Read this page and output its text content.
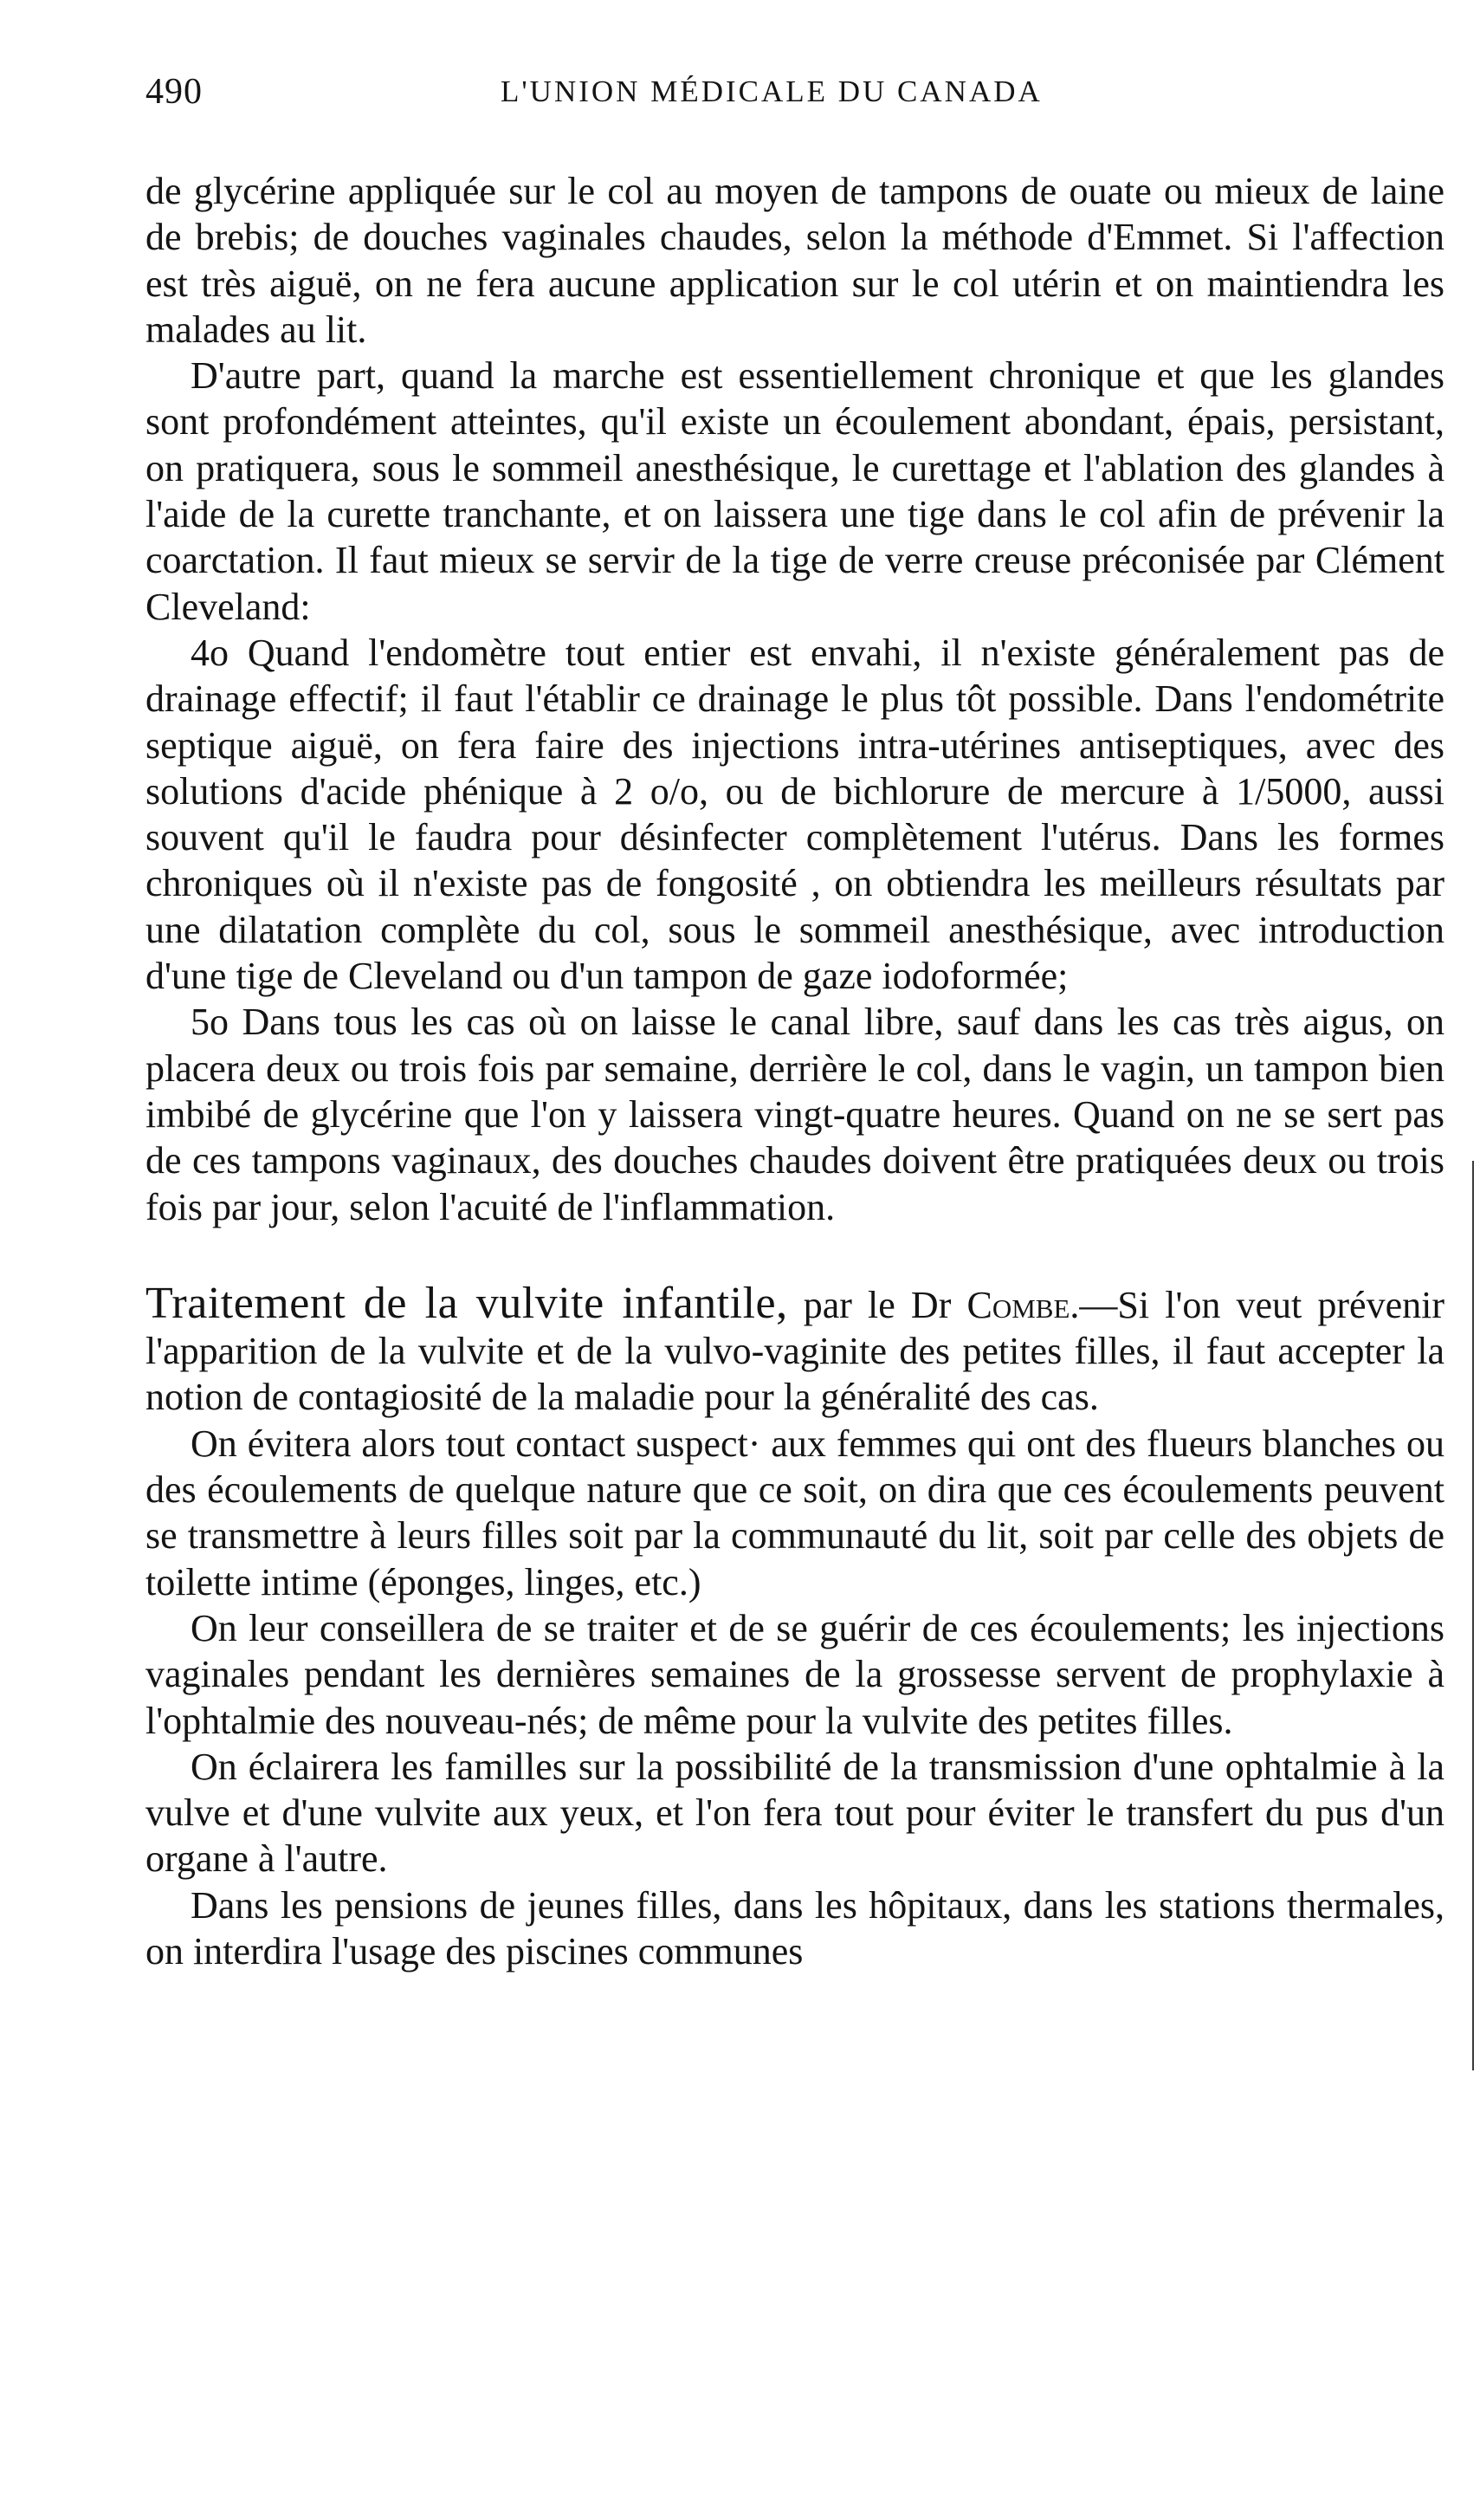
490	L'UNION MÉDICALE DU CANADA

de glycérine appliquée sur le col au moyen de tampons de ouate ou mieux de laine de brebis; de douches vaginales chaudes, selon la méthode d'Emmet. Si l'affection est très aiguë, on ne fera aucune application sur le col utérin et on maintiendra les malades au lit.

D'autre part, quand la marche est essentiellement chronique et que les glandes sont profondément atteintes, qu'il existe un écoulement abondant, épais, persistant, on pratiquera, sous le sommeil anesthésique, le curettage et l'ablation des glandes à l'aide de la curette tranchante, et on laissera une tige dans le col afin de prévenir la coarctation. Il faut mieux se servir de la tige de verre creuse préconisée par Clément Cleveland:

4o Quand l'endomètre tout entier est envahi, il n'existe généralement pas de drainage effectif; il faut l'établir ce drainage le plus tôt possible. Dans l'endométrite septique aiguë, on fera faire des injections intra-utérines antiseptiques, avec des solutions d'acide phénique à 2 o/o, ou de bichlorure de mercure à 1/5000, aussi souvent qu'il le faudra pour désinfecter complètement l'utérus. Dans les formes chroniques où il n'existe pas de fongosité , on obtiendra les meilleurs résultats par une dilatation complète du col, sous le sommeil anesthésique, avec introduction d'une tige de Cleveland ou d'un tampon de gaze iodoformée;

5o Dans tous les cas où on laisse le canal libre, sauf dans les cas très aigus, on placera deux ou trois fois par semaine, derrière le col, dans le vagin, un tampon bien imbibé de glycérine que l'on y laissera vingt-quatre heures. Quand on ne se sert pas de ces tampons vaginaux, des douches chaudes doivent être pratiquées deux ou trois fois par jour, selon l'acuité de l'inflammation.

Traitement de la vulvite infantile, par le Dr Combe.—Si l'on veut prévenir l'apparition de la vulvite et de la vulvo-vaginite des petites filles, il faut accepter la notion de contagiosité de la maladie pour la généralité des cas.

On évitera alors tout contact suspect· aux femmes qui ont des flueurs blanches ou des écoulements de quelque nature que ce soit, on dira que ces écoulements peuvent se transmettre à leurs filles soit par la communauté du lit, soit par celle des objets de toilette intime (éponges, linges, etc.)

On leur conseillera de se traiter et de se guérir de ces écoulements; les injections vaginales pendant les dernières semaines de la grossesse servent de prophylaxie à l'ophtalmie des nouveau-nés; de même pour la vulvite des petites filles.

On éclairera les familles sur la possibilité de la transmission d'une ophtalmie à la vulve et d'une vulvite aux yeux, et l'on fera tout pour éviter le transfert du pus d'un organe à l'autre.

Dans les pensions de jeunes filles, dans les hôpitaux, dans les stations thermales, on interdira l'usage des piscines communes
